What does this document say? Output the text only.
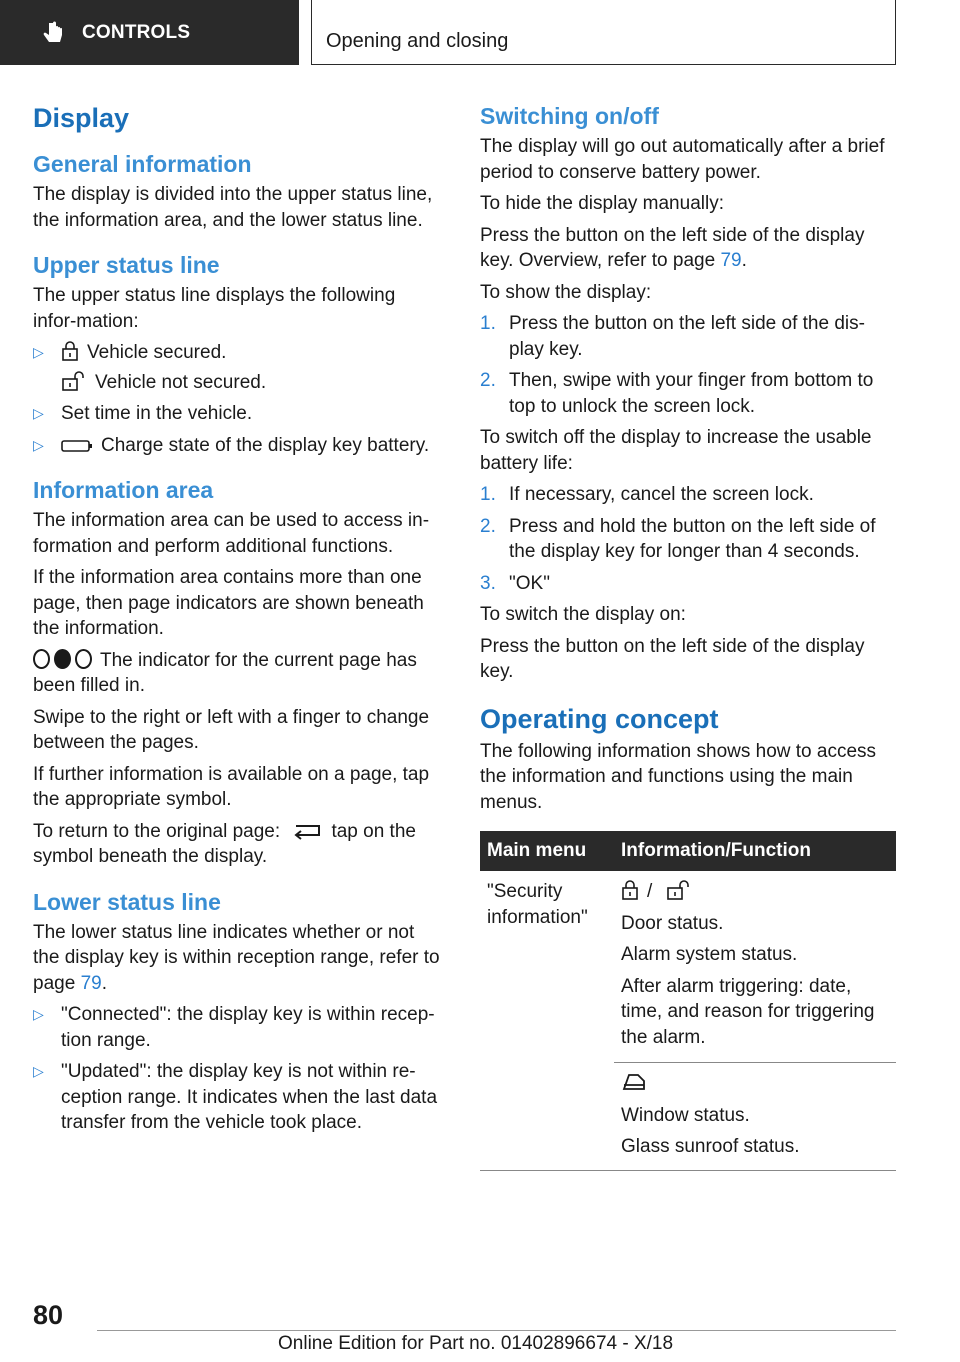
CONTROLS	Opening and closing
Display
General information

The display is divided into the upper status line, the information area, and the lower status line.

Upper status line

The upper status line displays the following infor-mation:

▷ Vehicle secured.
Vehicle not secured.
▷ Set time in the vehicle.
▷ Charge state of the display key battery.
Information area

The information area can be used to access in-formation and perform additional functions.

If the information area contains more than one page, then page indicators are shown beneath the information.

The indicator for the current page has been filled in.

Swipe to the right or left with a finger to change between the pages.

If further information is available on a page, tap the appropriate symbol.

To return to the original page:	tap on the symbol beneath the display.

Lower status line

The lower status line indicates whether or not the display key is within reception range, refer to page 79.

▷ "Connected": the display key is within recep-tion range.
▷ "Updated": the display key is not within re-ception range. It indicates when the last data transfer from the vehicle took place.
Switching on/off

The display will go out automatically after a brief period to conserve battery power.

To hide the display manually:

Press the button on the left side of the display key. Overview, refer to page 79.

To show the display:

1. Press the button on the left side of the dis-play key.
2. Then, swipe with your finger from bottom to top to unlock the screen lock.

To switch off the display to increase the usable battery life:

1. If necessary, cancel the screen lock.
2. Press and hold the button on the left side of the display key for longer than 4 seconds.
3. "OK"

To switch the display on:

Press the button on the left side of the display key.

Operating concept

The following information shows how to access the information and functions using the main menus.

Main menu	Information/Function
"Security information"	/

Door status.

Alarm system status.

After alarm triggering: date, time, and reason for triggering the alarm.

	Window status.

Glass sunroof status.

80
Online Edition for Part no. 01402896674 - X/18
